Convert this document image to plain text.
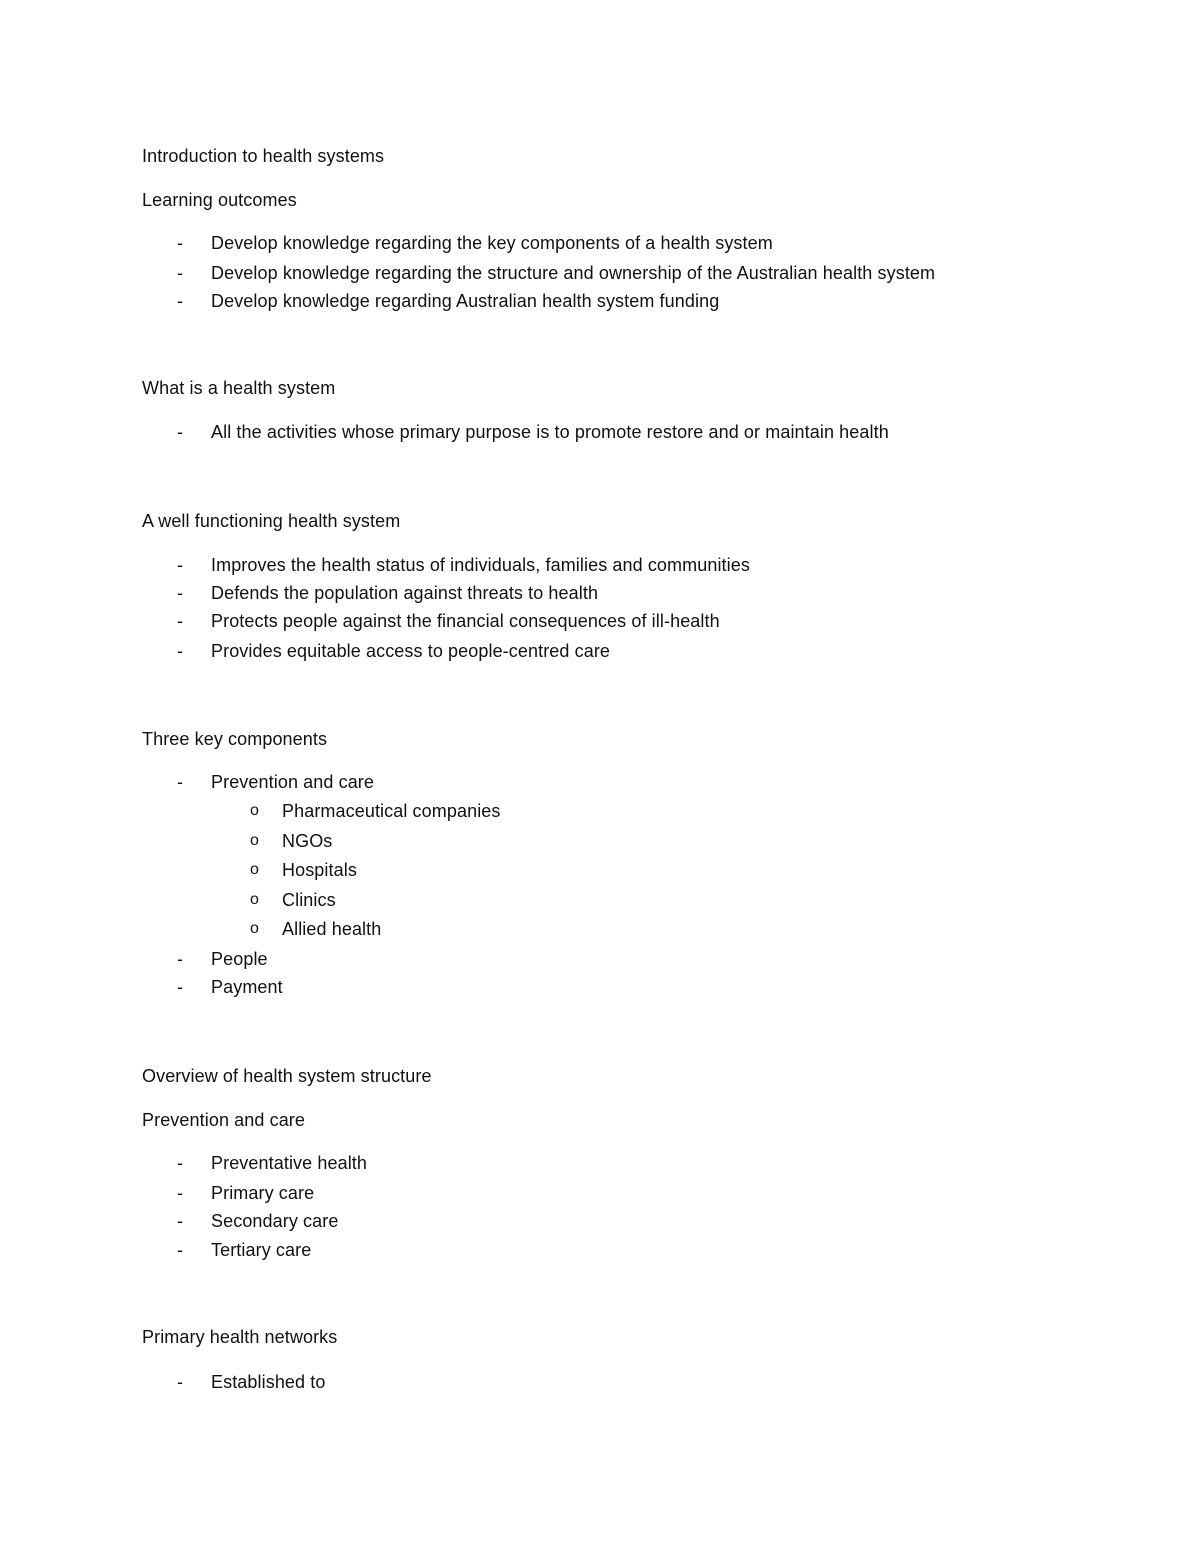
Introduction to health systems
Learning outcomes
-	Develop knowledge regarding the key components of a health system
-	Develop knowledge regarding the structure and ownership of the Australian health system
-	Develop knowledge regarding Australian health system funding
What is a health system
-	All the activities whose primary purpose is to promote restore and or maintain health
A well functioning health system
-	Improves the health status of individuals, families and communities
-	Defends the population against threats to health
-	Protects people against the financial consequences of ill-health
-	Provides equitable access to people-centred care
Three key components
-	Prevention and care
o Pharmaceutical companies
o NGOs
o Hospitals
o Clinics
o Allied health
-	People
-	Payment
Overview of health system structure
Prevention and care
-	Preventative health
-	Primary care
-	Secondary care
-	Tertiary care
Primary health networks
-	Established to
